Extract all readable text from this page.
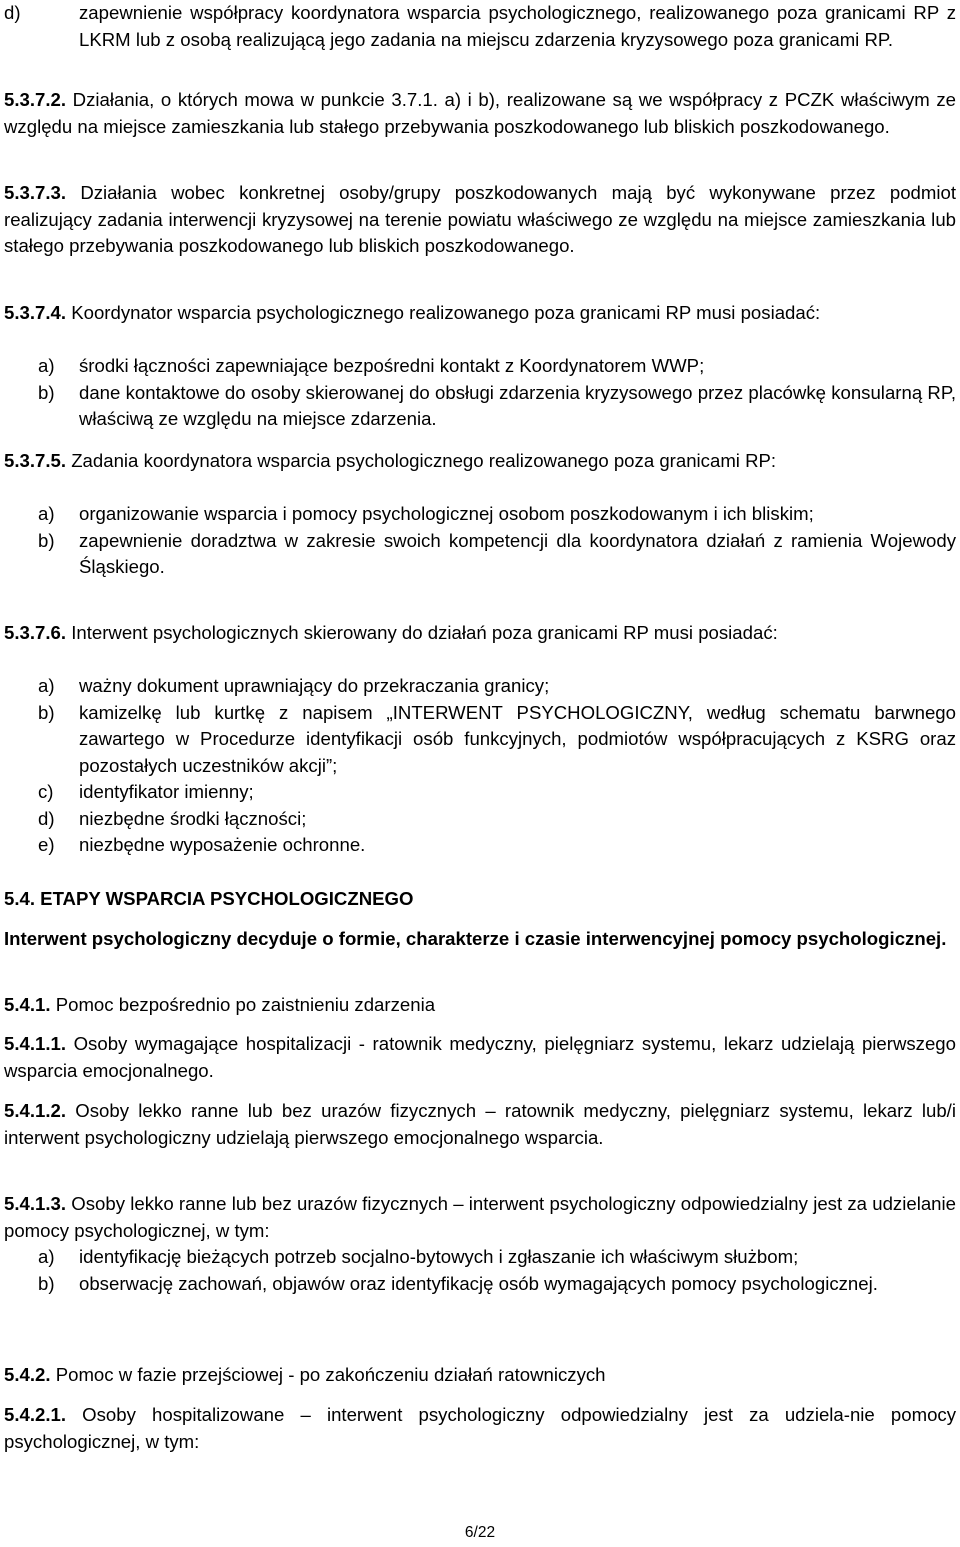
d)	zapewnienie współpracy koordynatora wsparcia psychologicznego, realizowanego poza granicami RP z LKRM lub z osobą realizującą jego zadania na miejscu zdarzenia kryzysowego poza granicami RP.

5.3.7.2. Działania, o których mowa w punkcie 3.7.1. a) i b), realizowane są we współpracy z PCZK właściwym ze względu na miejsce zamieszkania lub stałego przebywania poszkodowanego lub bliskich poszkodowanego.

5.3.7.3. Działania wobec konkretnej osoby/grupy poszkodowanych mają być wykonywane przez podmiot realizujący zadania interwencji kryzysowej na terenie powiatu właściwego ze względu na miejsce zamieszkania lub stałego przebywania poszkodowanego lub bliskich poszkodowanego.

5.3.7.4. Koordynator wsparcia psychologicznego realizowanego poza granicami RP musi posiadać:

a) środki łączności zapewniające bezpośredni kontakt z Koordynatorem WWP;
b) dane kontaktowe do osoby skierowanej do obsługi zdarzenia kryzysowego przez placówkę konsularną RP, właściwą ze względu na miejsce zdarzenia.

5.3.7.5. Zadania koordynatora wsparcia psychologicznego realizowanego poza granicami RP:

a) organizowanie wsparcia i pomocy psychologicznej osobom poszkodowanym i ich bliskim;
b) zapewnienie doradztwa w zakresie swoich kompetencji dla koordynatora działań z ramienia Wojewody Śląskiego.

5.3.7.6. Interwent psychologicznych skierowany do działań poza granicami RP musi posiadać:

a) ważny dokument uprawniający do przekraczania granicy;
b) kamizelkę lub kurtkę z napisem „INTERWENT PSYCHOLOGICZNY, według schematu barwnego zawartego w Procedurze identyfikacji osób funkcyjnych, podmiotów współpracujących z KSRG oraz pozostałych uczestników akcji”;
c) identyfikator imienny;
d) niezbędne środki łączności;
e) niezbędne wyposażenie ochronne.

5.4. ETAPY WSPARCIA PSYCHOLOGICZNEGO

Interwent psychologiczny decyduje o formie, charakterze i czasie interwencyjnej pomocy psychologicznej.

5.4.1. Pomoc bezpośrednio po zaistnieniu zdarzenia

5.4.1.1. Osoby wymagające hospitalizacji - ratownik medyczny, pielęgniarz systemu, lekarz udzielają pierwszego wsparcia emocjonalnego.

5.4.1.2. Osoby lekko ranne lub bez urazów fizycznych – ratownik medyczny, pielęgniarz systemu, lekarz lub/i interwent psychologiczny udzielają pierwszego emocjonalnego wsparcia.

5.4.1.3. Osoby lekko ranne lub bez urazów fizycznych – interwent psychologiczny odpowiedzialny jest za udzielanie pomocy psychologicznej, w tym:

a) identyfikację bieżących potrzeb socjalno-bytowych i zgłaszanie ich właściwym służbom;
b) obserwację zachowań, objawów oraz identyfikację osób wymagających pomocy psychologicznej.

5.4.2. Pomoc w fazie przejściowej - po zakończeniu działań ratowniczych

5.4.2.1. Osoby hospitalizowane – interwent psychologiczny odpowiedzialny jest za udziela-nie pomocy psychologicznej, w tym:

6/22
